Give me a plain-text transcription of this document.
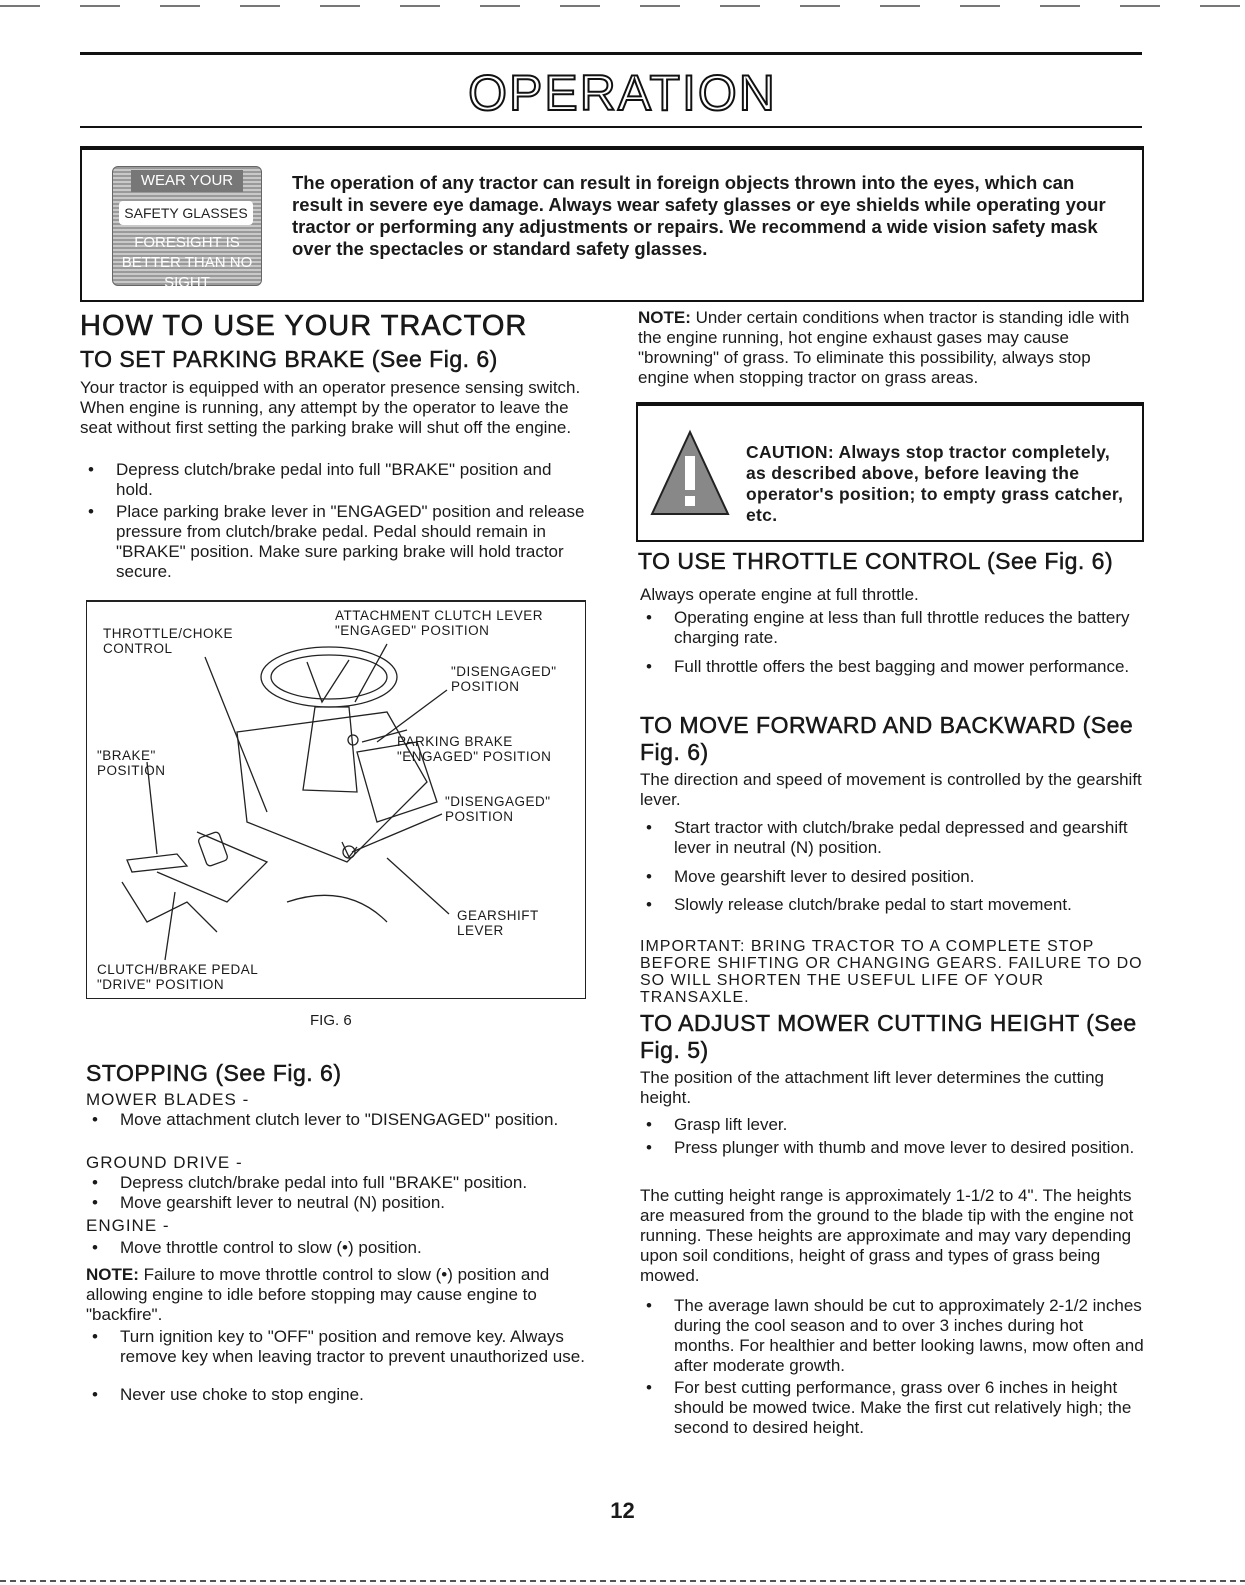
OPERATION
WEAR YOUR
SAFETY GLASSES
FORESIGHT IS BETTER THAN NO SIGHT
The operation of any tractor can result in foreign objects thrown into the eyes, which can result in severe eye damage. Always wear safety glasses or eye shields while operating your tractor or performing any adjustments or repairs. We recommend a wide vision safety mask over the spectacles or standard safety glasses.
HOW TO USE YOUR TRACTOR
TO SET PARKING BRAKE (See Fig. 6)

Your tractor is equipped with an operator presence sensing switch. When engine is running, any attempt by the operator to leave the seat without first setting the parking brake will shut off the engine.

• Depress clutch/brake pedal into full "BRAKE" position and hold.

• Place parking brake lever in "ENGAGED" position and release pressure from clutch/brake pedal. Pedal should remain in "BRAKE" position. Make sure parking brake will hold tractor secure.

THROTTLE/CHOKE
CONTROL
ATTACHMENT CLUTCH LEVER
"ENGAGED" POSITION
"DISENGAGED"
POSITION
PARKING BRAKE
"ENGAGED" POSITION
"BRAKE"
POSITION
"DISENGAGED"
POSITION
GEARSHIFT
LEVER
CLUTCH/BRAKE PEDAL
"DRIVE" POSITION
FIG. 6
STOPPING (See Fig. 6)
MOWER BLADES -

• Move attachment clutch lever to "DISENGAGED" position.

GROUND DRIVE -

• Depress clutch/brake pedal into full "BRAKE" position.

• Move gearshift lever to neutral (N) position.

ENGINE -

• Move throttle control to slow (•) position.

NOTE: Failure to move throttle control to slow (•) position and allowing engine to idle before stopping may cause engine to "backfire".

• Turn ignition key to "OFF" position and remove key. Always remove key when leaving tractor to prevent unauthorized use.

• Never use choke to stop engine.

NOTE: Under certain conditions when tractor is standing idle with the engine running, hot engine exhaust gases may cause "browning" of grass. To eliminate this possibility, always stop engine when stopping tractor on grass areas.

CAUTION: Always stop tractor completely, as described above, before leaving the operator's position; to empty grass catcher, etc.
TO USE THROTTLE CONTROL (See Fig. 6)

Always operate engine at full throttle.

• Operating engine at less than full throttle reduces the battery charging rate.

• Full throttle offers the best bagging and mower performance.

TO MOVE FORWARD AND BACKWARD (See Fig. 6)

The direction and speed of movement is controlled by the gearshift lever.

• Start tractor with clutch/brake pedal depressed and gearshift lever in neutral (N) position.

• Move gearshift lever to desired position.

• Slowly release clutch/brake pedal to start movement.

IMPORTANT: BRING TRACTOR TO A COMPLETE STOP BEFORE SHIFTING OR CHANGING GEARS. FAILURE TO DO SO WILL SHORTEN THE USEFUL LIFE OF YOUR TRANSAXLE.

TO ADJUST MOWER CUTTING HEIGHT (See Fig. 5)

The position of the attachment lift lever determines the cutting height.

• Grasp lift lever.

• Press plunger with thumb and move lever to desired position.

The cutting height range is approximately 1-1/2 to 4". The heights are measured from the ground to the blade tip with the engine not running. These heights are approximate and may vary depending upon soil conditions, height of grass and types of grass being mowed.

• The average lawn should be cut to approximately 2-1/2 inches during the cool season and to over 3 inches during hot months. For healthier and better looking lawns, mow often and after moderate growth.

• For best cutting performance, grass over 6 inches in height should be mowed twice. Make the first cut relatively high; the second to desired height.

12
